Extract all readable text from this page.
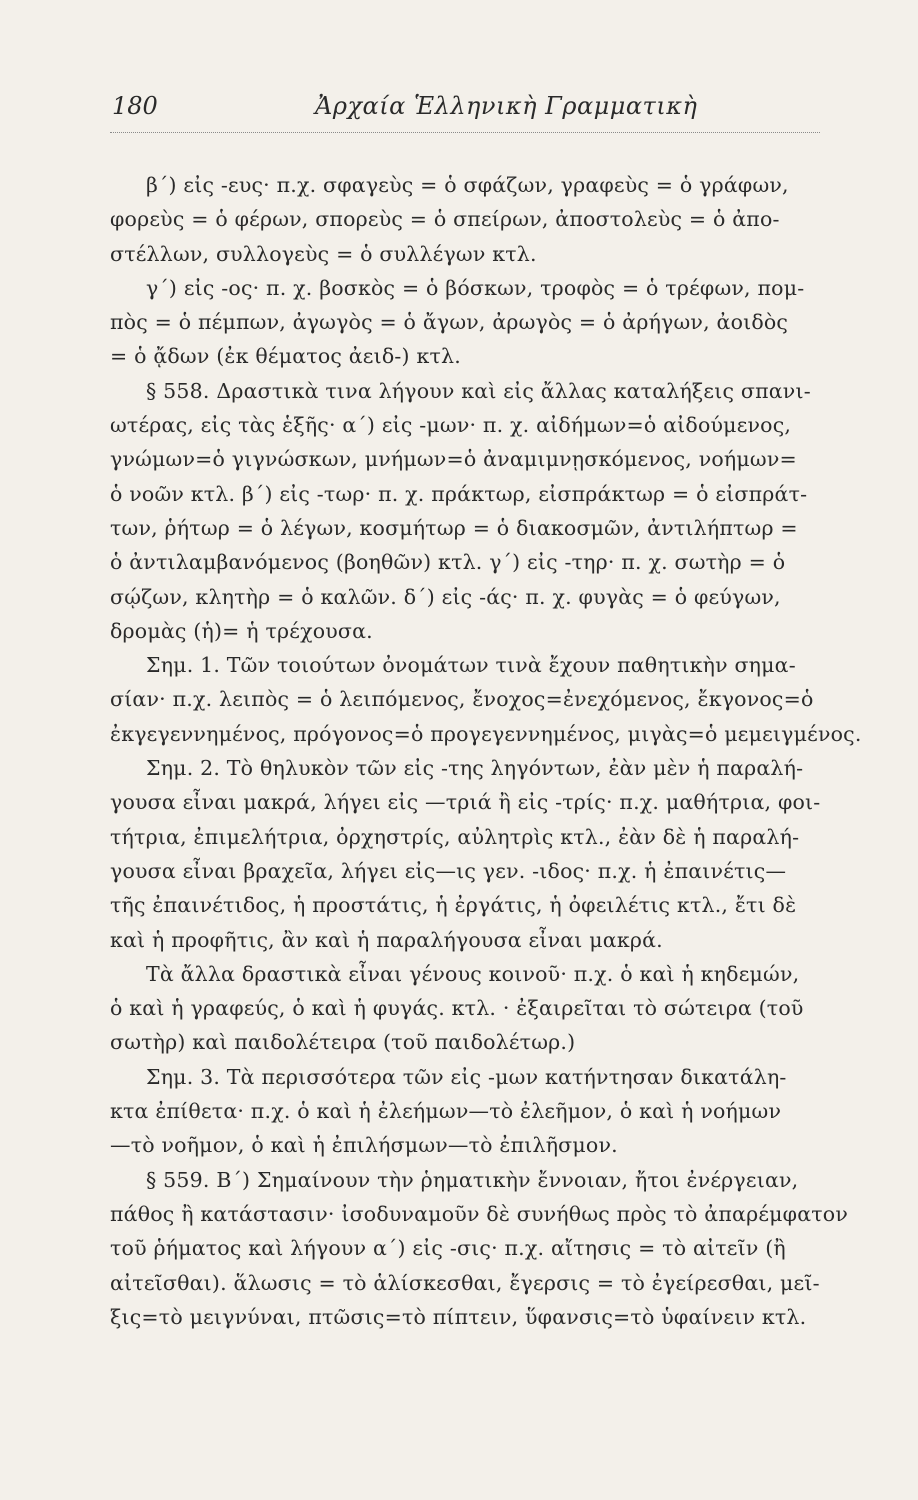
180	Ἀρχαία Ἑλληνικὴ Γραμματικὴ
β΄) εἰς -ευς· π.χ. σφαγεὺς = ὁ σφάζων, γραφεὺς = ὁ γράφων,
φορεὺς = ὁ φέρων, σπορεὺς = ὁ σπείρων, ἀποστολεὺς = ὁ ἀπο-
στέλλων, συλλογεὺς = ὁ συλλέγων κτλ.
γ΄) εἰς -ος· π. χ. βοσκὸς = ὁ βόσκων, τροφὸς = ὁ τρέφων, πομ-
πὸς = ὁ πέμπων, ἀγωγὸς = ὁ ἄγων, ἀρωγὸς = ὁ ἀρήγων, ἀοιδὸς
= ὁ ᾄδων (ἐκ θέματος ἀειδ-) κτλ.
§ 558. Δραστικὰ τινα λήγουν καὶ εἰς ἄλλας καταλήξεις σπανι-
ωτέρας, εἰς τὰς ἑξῆς· α΄) εἰς -μων· π. χ. αἰδήμων=ὁ αἰδούμενος,
γνώμων=ὁ γιγνώσκων, μνήμων=ὁ ἀναμιμνῃσκόμενος, νοήμων=
ὁ νοῶν κτλ. β΄) εἰς -τωρ· π. χ. πράκτωρ, εἰσπράκτωρ = ὁ εἰσπράτ-
των, ῥήτωρ = ὁ λέγων, κοσμήτωρ = ὁ διακοσμῶν, ἀντιλήπτωρ =
ὁ ἀντιλαμβανόμενος (βοηθῶν) κτλ. γ΄) εἰς -τηρ· π. χ. σωτὴρ = ὁ
σῴζων, κλητὴρ = ὁ καλῶν. δ΄) εἰς -άς· π. χ. φυγὰς = ὁ φεύγων,
δρομὰς (ἡ)= ἡ τρέχουσα.
Σημ. 1. Τῶν τοιούτων ὀνομάτων τινὰ ἔχουν παθητικὴν σημα-
σίαν· π.χ. λειπὸς = ὁ λειπόμενος, ἔνοχος=ἐνεχόμενος, ἔκγονος=ὁ
ἐκγεγεννημένος, πρόγονος=ὁ προγεγεννημένος, μιγὰς=ὁ μεμειγμένος.
Σημ. 2. Τὸ θηλυκὸν τῶν εἰς -της ληγόντων, ἐὰν μὲν ἡ παραλή-
γουσα εἶναι μακρά, λήγει εἰς —τριά ἢ εἰς -τρίς· π.χ. μαθήτρια, φοι-
τήτρια, ἐπιμελήτρια, ὀρχηστρίς, αὐλητρὶς κτλ., ἐὰν δὲ ἡ παραλή-
γουσα εἶναι βραχεῖα, λήγει εἰς—ις γεν. -ιδος· π.χ. ἡ ἐπαινέτις—
τῆς ἐπαινέτιδος, ἡ προστάτις, ἡ ἐργάτις, ἡ ὀφειλέτις κτλ., ἔτι δὲ
καὶ ἡ προφῆτις, ἂν καὶ ἡ παραλήγουσα εἶναι μακρά.
Τὰ ἄλλα δραστικὰ εἶναι γένους κοινοῦ· π.χ. ὁ καὶ ἡ κηδεμών,
ὁ καὶ ἡ γραφεύς, ὁ καὶ ἡ φυγάς. κτλ. · ἐξαιρεῖται τὸ σώτειρα (τοῦ
σωτὴρ) καὶ παιδολέτειρα (τοῦ παιδολέτωρ.)
Σημ. 3. Τὰ περισσότερα τῶν εἰς -μων κατήντησαν δικατάλη-
κτα ἐπίθετα· π.χ. ὁ καὶ ἡ ἐλεήμων—τὸ ἐλεῆμον, ὁ καὶ ἡ νοήμων
—τὸ νοῆμον, ὁ καὶ ἡ ἐπιλήσμων—τὸ ἐπιλῆσμον.
§ 559. Β΄) Σημαίνουν τὴν ῥηματικὴν ἔννοιαν, ἤτοι ἐνέργειαν,
πάθος ἢ κατάστασιν· ἰσοδυναμοῦν δὲ συνήθως πρὸς τὸ ἀπαρέμφατον
τοῦ ῥήματος καὶ λήγουν α΄) εἰς -σις· π.χ. αἴτησις = τὸ αἰτεῖν (ἢ
αἰτεῖσθαι). ἅλωσις = τὸ ἁλίσκεσθαι, ἔγερσις = τὸ ἐγείρεσθαι, μεῖ-
ξις=τὸ μειγνύναι, πτῶσις=τὸ πίπτειν, ὕφανσις=τὸ ὑφαίνειν κτλ.
